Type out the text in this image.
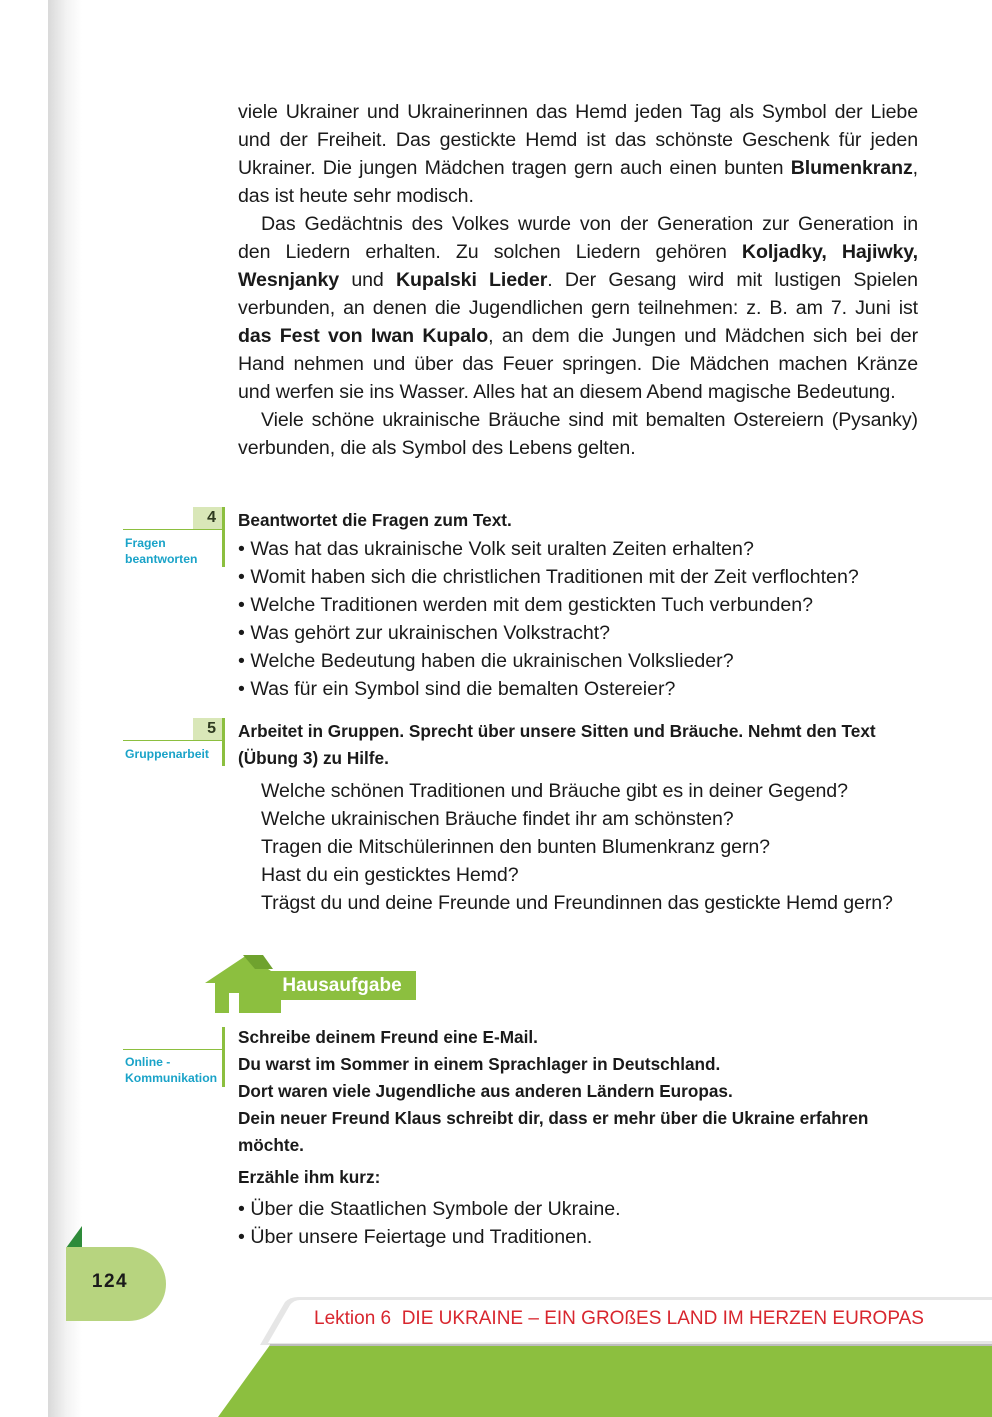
viele Ukrainer und Ukrainerinnen das Hemd jeden Tag als Symbol der Liebe und der Freiheit. Das gestickte Hemd ist das schönste Geschenk für jeden Ukrainer. Die jungen Mädchen tragen gern auch einen bunten Blumenkranz, das ist heute sehr modisch.

Das Gedächtnis des Volkes wurde von der Generation zur Generation in den Liedern erhalten. Zu solchen Liedern gehören Koljadky, Hajiwky, Wesnjanky und Kupalski Lieder. Der Gesang wird mit lustigen Spielen verbunden, an denen die Jugendlichen gern teilnehmen: z. B. am 7. Juni ist das Fest von Iwan Kupalo, an dem die Jungen und Mädchen sich bei der Hand nehmen und über das Feuer springen. Die Mädchen machen Kränze und werfen sie ins Wasser. Alles hat an diesem Abend magische Bedeutung.

Viele schöne ukrainische Bräuche sind mit bemalten Ostereiern (Pysanky) verbunden, die als Symbol des Lebens gelten.

4
Fragen beantworten

Beantwortet die Fragen zum Text.

• Was hat das ukrainische Volk seit uralten Zeiten erhalten?
• Womit haben sich die christlichen Traditionen mit der Zeit verflochten?
• Welche Traditionen werden mit dem gestickten Tuch verbunden?
• Was gehört zur ukrainischen Volkstracht?
• Welche Bedeutung haben die ukrainischen Volkslieder?
• Was für ein Symbol sind die bemalten Ostereier?
5
Gruppenarbeit

Arbeitet in Gruppen. Sprecht über unsere Sitten und Bräuche. Nehmt den Text (Übung 3) zu Hilfe.

Welche schönen Traditionen und Bräuche gibt es in deiner Gegend?

Welche ukrainischen Bräuche findet ihr am schönsten?

Tragen die Mitschülerinnen den bunten Blumenkranz gern?

Hast du ein gesticktes Hemd?

Trägst du und deine Freunde und Freundinnen das gestickte Hemd gern?

Hausaufgabe
Online - Kommunikation

Schreibe deinem Freund eine E-Mail.

Du warst im Sommer in einem Sprachlager in Deutschland.

Dort waren viele Jugendliche aus anderen Ländern Europas.

Dein neuer Freund Klaus schreibt dir, dass er mehr über die Ukraine erfahren möchte.

Erzähle ihm kurz:

• Über die Staatlichen Symbole der Ukraine.
• Über unsere Feiertage und Traditionen.
124
Lektion 6 DIE UKRAINE – EIN GROßES LAND IM HERZEN EUROPAS
